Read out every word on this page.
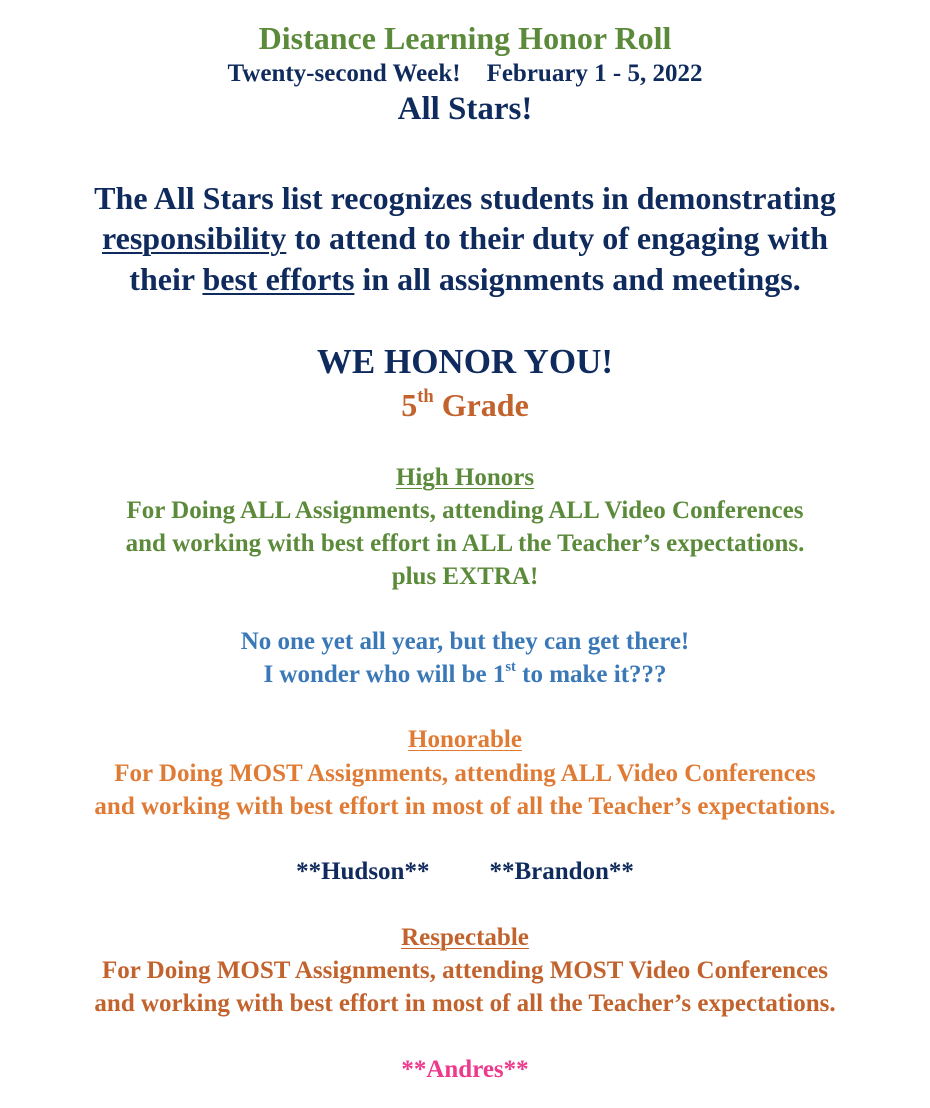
Distance Learning Honor Roll

Twenty-second Week! February 1 - 5, 2022

All Stars!

The All Stars list recognizes students in demonstrating

responsibility to attend to their duty of engaging with

their best efforts in all assignments and meetings.

WE HONOR YOU!

5th Grade

High Honors

For Doing ALL Assignments, attending ALL Video Conferences

and working with best effort in ALL the Teacher’s expectations.

plus EXTRA!

No one yet all year, but they can get there!

I wonder who will be 1st to make it???

Honorable

For Doing MOST Assignments, attending ALL Video Conferences

and working with best effort in most of all the Teacher’s expectations.

**Hudson** **Brandon**

Respectable

For Doing MOST Assignments, attending MOST Video Conferences

and working with best effort in most of all the Teacher’s expectations.

**Andres**
